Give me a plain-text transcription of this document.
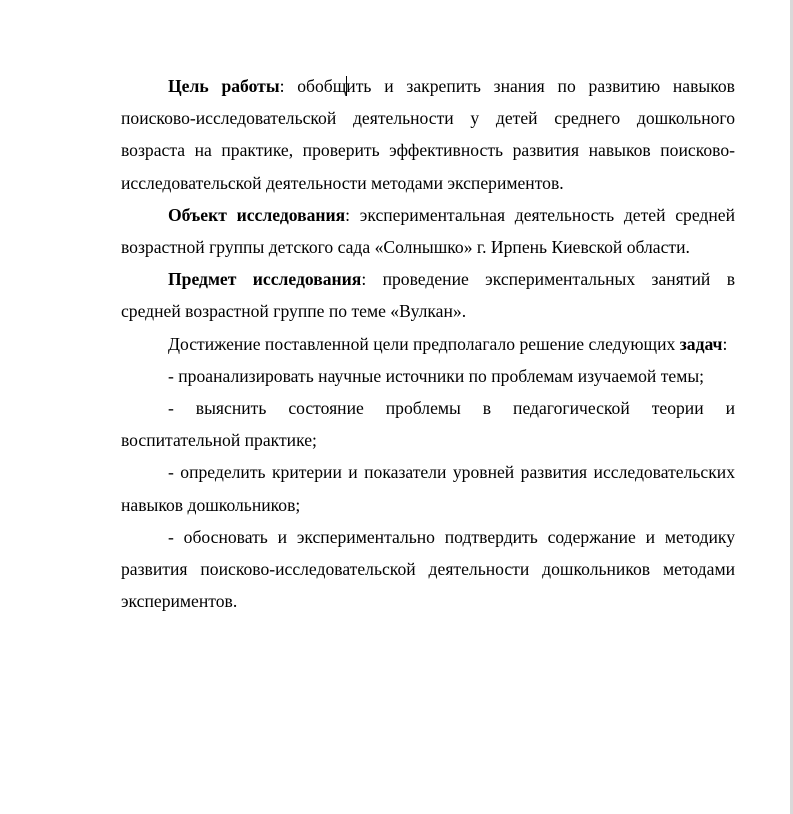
Цель работы: обобщить и закрепить знания по развитию навыков поисково-исследовательской деятельности у детей среднего дошкольного возраста на практике, проверить эффективность развития навыков поисково-исследовательской деятельности методами экспериментов.

Объект исследования: экспериментальная деятельность детей средней возрастной группы детского сада «Солнышко» г. Ирпень Киевской области.

Предмет исследования: проведение экспериментальных занятий в средней возрастной группе по теме «Вулкан».

Достижение поставленной цели предполагало решение следующих задач:

- проанализировать научные источники по проблемам изучаемой темы;

- выяснить состояние проблемы в педагогической теории и воспитательной практике;

- определить критерии и показатели уровней развития исследовательских навыков дошкольников;

- обосновать и экспериментально подтвердить содержание и методику развития поисково-исследовательской деятельности дошкольников методами экспериментов.
